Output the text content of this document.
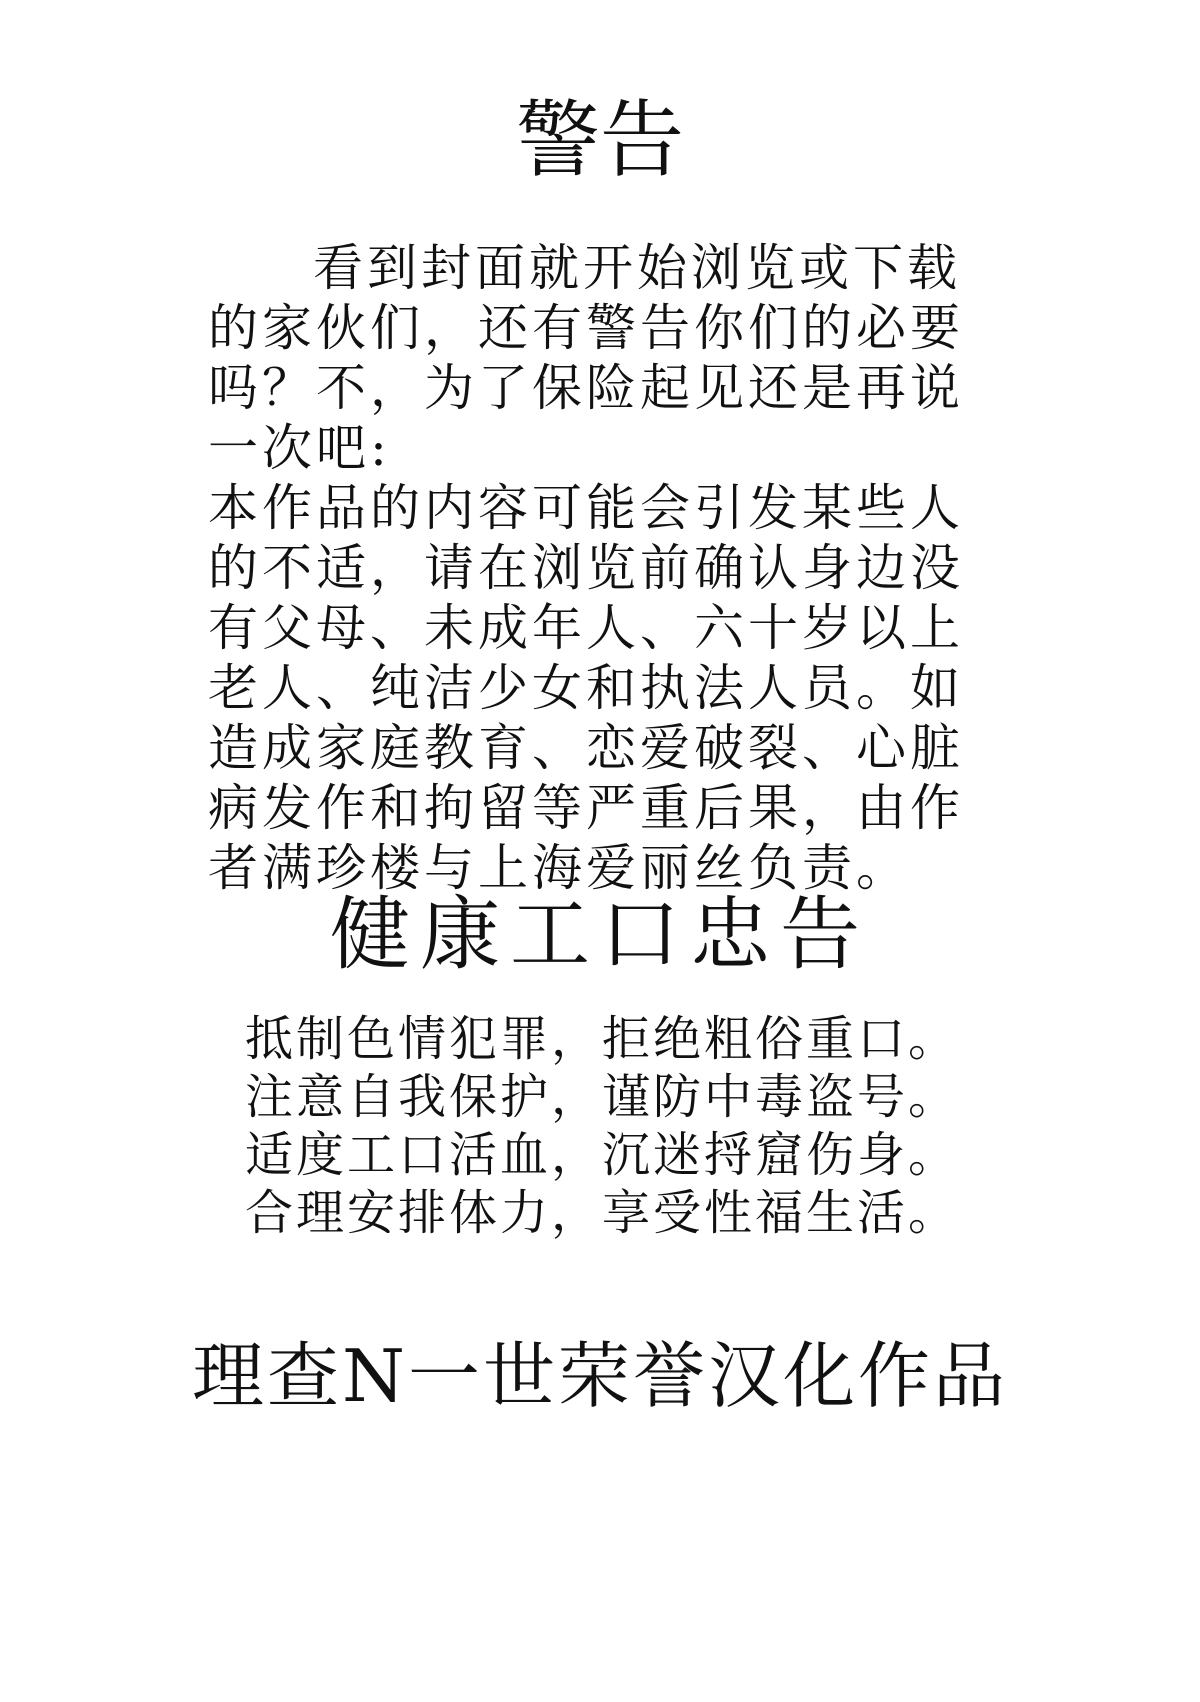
警告

看到封面就开始浏览或下载的家伙们，还有警告你们的必要吗？不，为了保险起见还是再说一次吧:

本作品的内容可能会引发某些人的不适，请在浏览前确认身边没有父母、未成年人、六十岁以上老人、纯洁少女和执法人员。如造成家庭教育、恋爱破裂、心脏病发作和拘留等严重后果，由作者满珍楼与上海爱丽丝负责。

健康工口忠告
抵制色情犯罪，拒绝粗俗重口。
注意自我保护，谨防中毒盗号。
适度工口活血，沉迷捋窟伤身。
合理安排体力，享受性福生活。
理查N一世荣誉汉化作品
